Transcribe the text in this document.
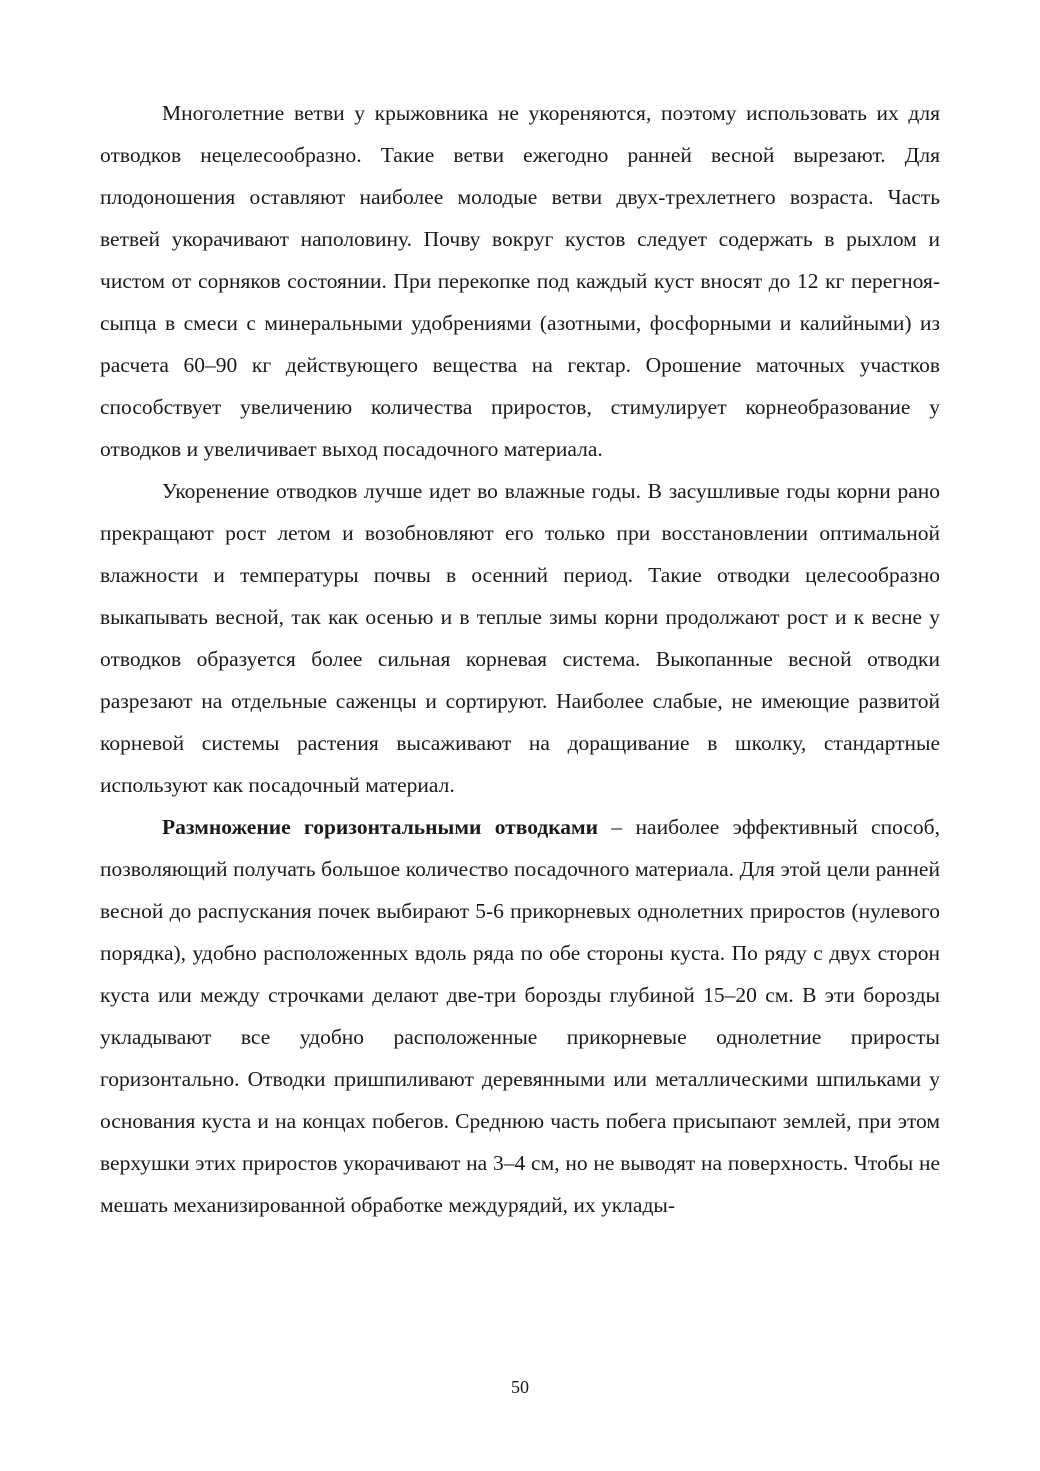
Многолетние ветви у крыжовника не укореняются, поэтому использовать их для отводков нецелесообразно. Такие ветви ежегодно ранней весной вырезают. Для плодоношения оставляют наиболее молодые ветви двух-трехлетнего возраста. Часть ветвей укорачивают наполовину. Почву вокруг кустов следует содержать в рыхлом и чистом от сорняков состоянии. При перекопке под каждый куст вносят до 12 кг перегноя-сыпца в смеси с минеральными удобрениями (азотными, фосфорными и калийными) из расчета 60–90 кг действующего вещества на гектар. Орошение маточных участков способствует увеличению количества приростов, стимулирует корнеобразование у отводков и увеличивает выход посадочного материала.

Укоренение отводков лучше идет во влажные годы. В засушливые годы корни рано прекращают рост летом и возобновляют его только при восстановлении оптимальной влажности и температуры почвы в осенний период. Такие отводки целесообразно выкапывать весной, так как осенью и в теплые зимы корни продолжают рост и к весне у отводков образуется более сильная корневая система. Выкопанные весной отводки разрезают на отдельные саженцы и сортируют. Наиболее слабые, не имеющие развитой корневой системы растения высаживают на доращивание в школку, стандартные используют как посадочный материал.

Размножение горизонтальными отводками – наиболее эффективный способ, позволяющий получать большое количество посадочного материала. Для этой цели ранней весной до распускания почек выбирают 5-6 прикорневых однолетних приростов (нулевого порядка), удобно расположенных вдоль ряда по обе стороны куста. По ряду с двух сторон куста или между строчками делают две-три борозды глубиной 15–20 см. В эти борозды укладывают все удобно расположенные прикорневые однолетние приросты горизонтально. Отводки пришпиливают деревянными или металлическими шпильками у основания куста и на концах побегов. Среднюю часть побега присыпают землей, при этом верхушки этих приростов укорачивают на 3–4 см, но не выводят на поверхность. Чтобы не мешать механизированной обработке междурядий, их уклады-

50
